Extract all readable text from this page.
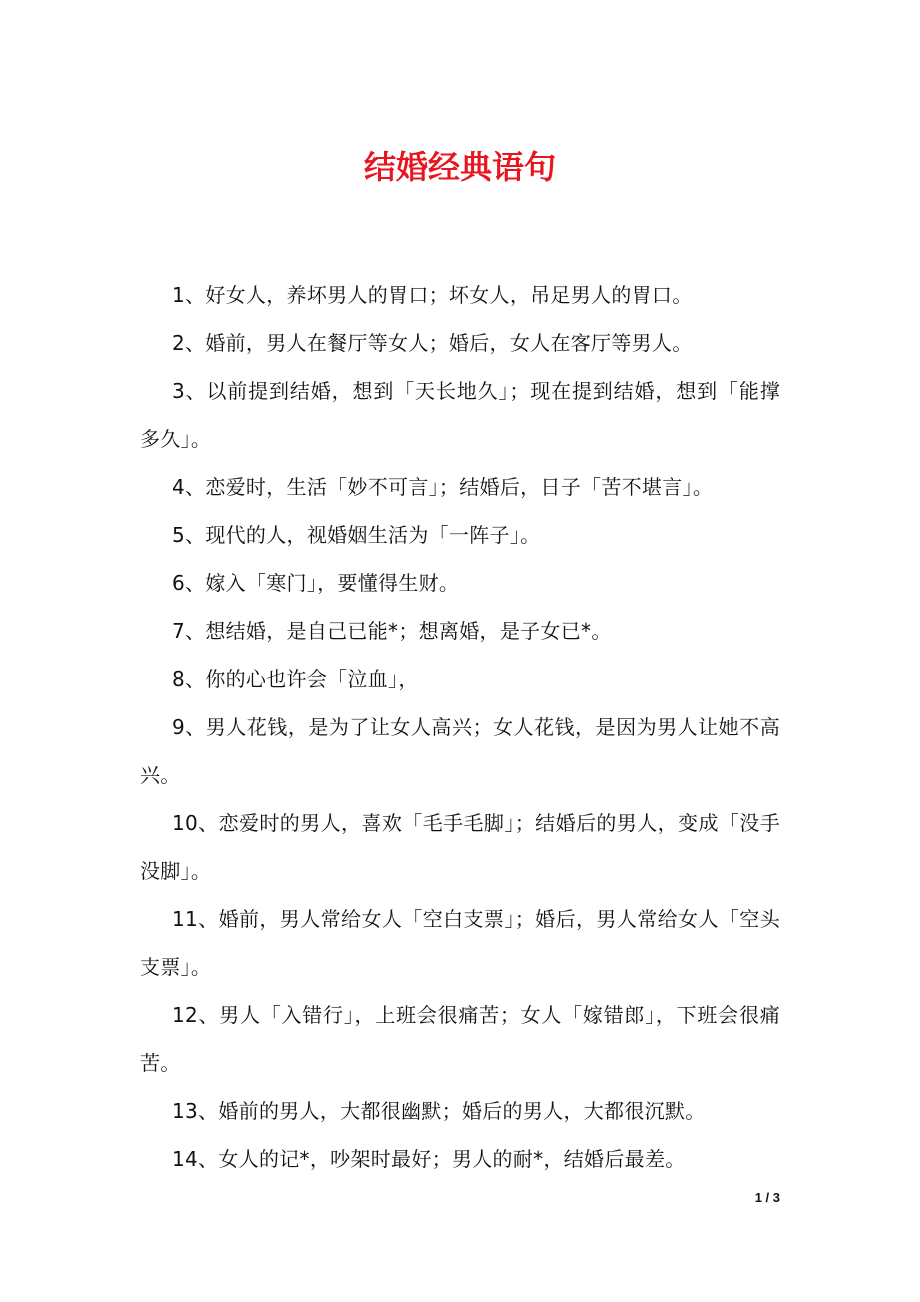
结婚经典语句

1、好女人，养坏男人的胃口；坏女人，吊足男人的胃口。

2、婚前，男人在餐厅等女人；婚后，女人在客厅等男人。

3、以前提到结婚，想到「天长地久」；现在提到结婚，想到「能撑多久」。

4、恋爱时，生活「妙不可言」；结婚后，日子「苦不堪言」。

5、现代的人，视婚姻生活为「一阵子」。

6、嫁入「寒门」，要懂得生财。

7、想结婚，是自己已能*；想离婚，是子女已*。

8、你的心也许会「泣血」，

9、男人花钱，是为了让女人高兴；女人花钱，是因为男人让她不高兴。

10、恋爱时的男人，喜欢「毛手毛脚」；结婚后的男人，变成「没手没脚」。

11、婚前，男人常给女人「空白支票」；婚后，男人常给女人「空头支票」。

12、男人「入错行」，上班会很痛苦；女人「嫁错郎」，下班会很痛苦。

13、婚前的男人，大都很幽默；婚后的男人，大都很沉默。

14、女人的记*，吵架时最好；男人的耐*，结婚后最差。

1 / 3
